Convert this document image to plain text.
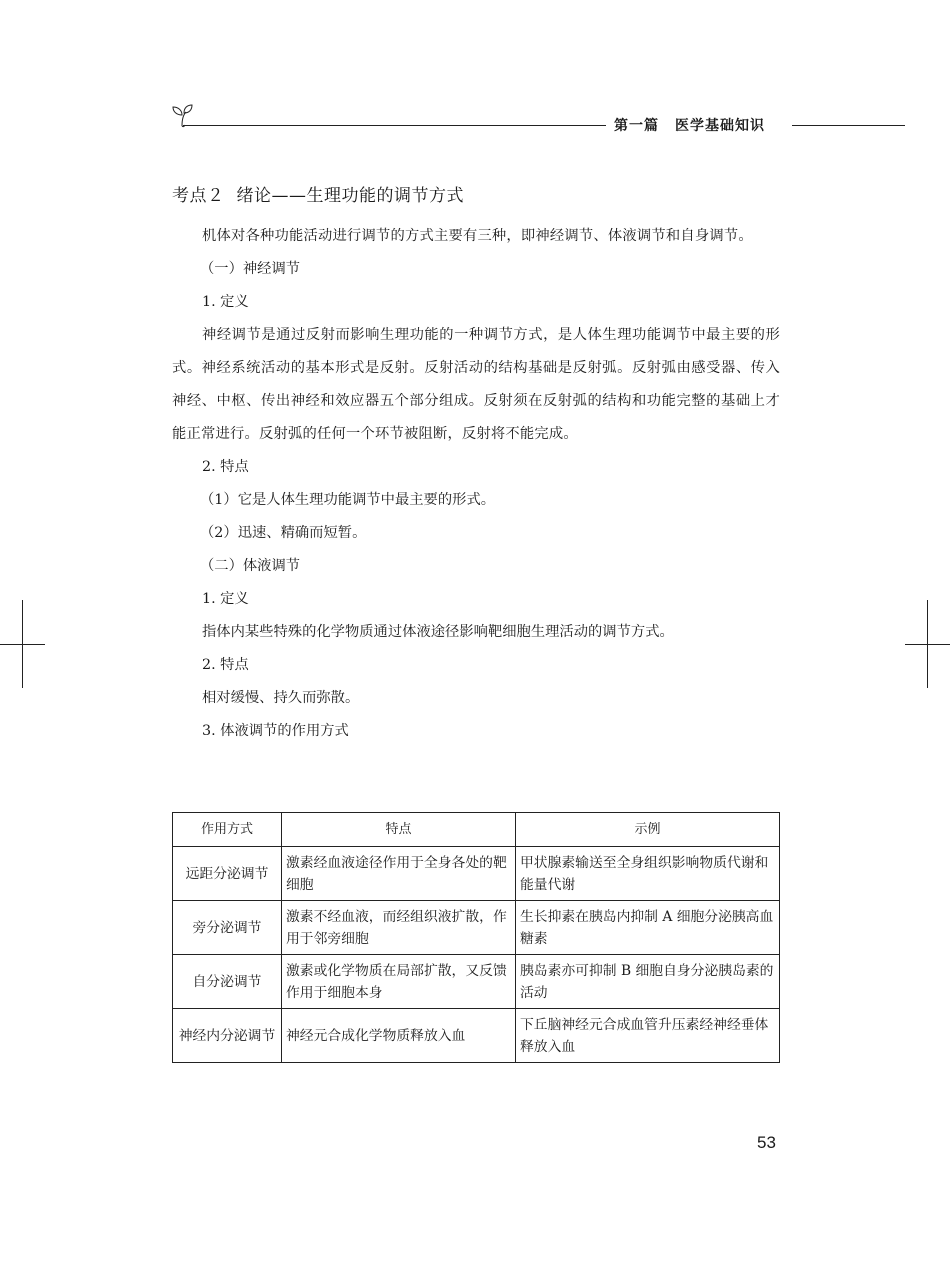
第一篇 医学基础知识
考点２ 绪论——生理功能的调节方式

机体对各种功能活动进行调节的方式主要有三种，即神经调节、体液调节和自身调节。

（一）神经调节

1. 定义

神经调节是通过反射而影响生理功能的一种调节方式，是人体生理功能调节中最主要的形式。神经系统活动的基本形式是反射。反射活动的结构基础是反射弧。反射弧由感受器、传入神经、中枢、传出神经和效应器五个部分组成。反射须在反射弧的结构和功能完整的基础上才能正常进行。反射弧的任何一个环节被阻断，反射将不能完成。

2. 特点

（1）它是人体生理功能调节中最主要的形式。

（2）迅速、精确而短暂。

（二）体液调节

1. 定义

指体内某些特殊的化学物质通过体液途径影响靶细胞生理活动的调节方式。

2. 特点

相对缓慢、持久而弥散。

3. 体液调节的作用方式

作用方式	特点	示例
远距分泌调节	激素经血液途径作用于全身各处的靶细胞	甲状腺素输送至全身组织影响物质代谢和能量代谢
旁分泌调节	激素不经血液，而经组织液扩散，作用于邻旁细胞	生长抑素在胰岛内抑制 A 细胞分泌胰高血糖素
自分泌调节	激素或化学物质在局部扩散，又反馈作用于细胞本身	胰岛素亦可抑制 B 细胞自身分泌胰岛素的活动
神经内分泌调节	神经元合成化学物质释放入血	下丘脑神经元合成血管升压素经神经垂体释放入血
53
